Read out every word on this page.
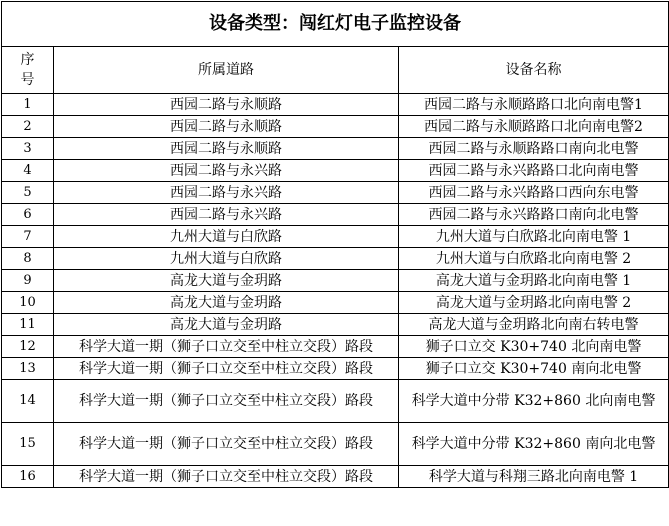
设备类型：闯红灯电子监控设备		
序号	所属道路	设备名称
1	西园二路与永顺路	西园二路与永顺路路口北向南电警1
2	西园二路与永顺路	西园二路与永顺路路口北向南电警2
3	西园二路与永顺路	西园二路与永顺路路口南向北电警
4	西园二路与永兴路	西园二路与永兴路路口北向南电警
5	西园二路与永兴路	西园二路与永兴路路口西向东电警
6	西园二路与永兴路	西园二路与永兴路路口南向北电警
7	九州大道与白欣路	九州大道与白欣路北向南电警 1
8	九州大道与白欣路	九州大道与白欣路北向南电警 2
9	高龙大道与金玥路	高龙大道与金玥路北向南电警 1
10	高龙大道与金玥路	高龙大道与金玥路北向南电警 2
11	高龙大道与金玥路	高龙大道与金玥路北向南右转电警
12	科学大道一期（狮子口立交至中柱立交段）路段	狮子口立交 K30+740 北向南电警
13	科学大道一期（狮子口立交至中柱立交段）路段	狮子口立交 K30+740 南向北电警
14	科学大道一期（狮子口立交至中柱立交段）路段	科学大道中分带 K32+860 北向南电警
15	科学大道一期（狮子口立交至中柱立交段）路段	科学大道中分带 K32+860 南向北电警
16	科学大道一期（狮子口立交至中柱立交段）路段	科学大道与科翔三路北向南电警 1
